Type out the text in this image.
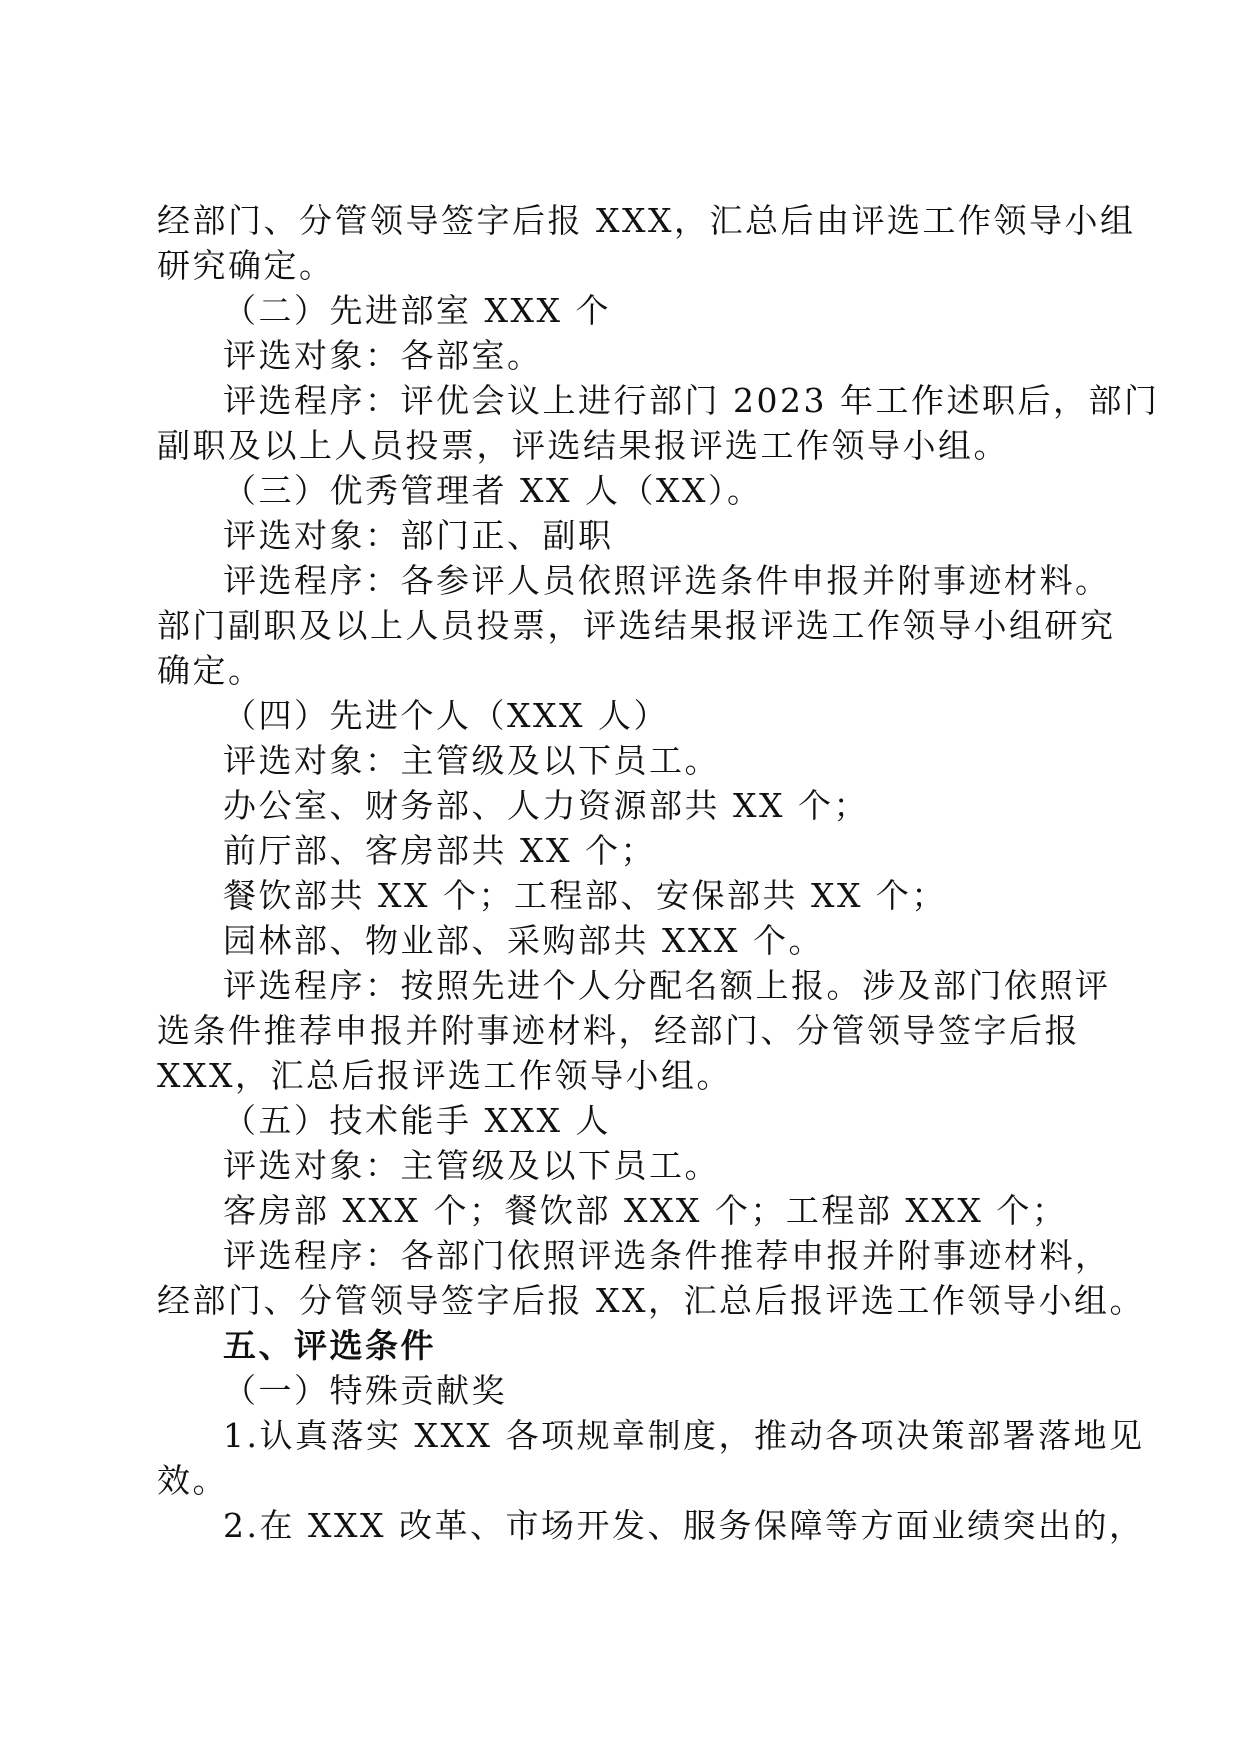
经部门、分管领导签字后报 XXX，汇总后由评选工作领导小组

研究确定。

（二）先进部室 XXX 个

评选对象：各部室。

评选程序：评优会议上进行部门 2023 年工作述职后，部门

副职及以上人员投票，评选结果报评选工作领导小组。

（三）优秀管理者 XX 人（XX）。

评选对象：部门正、副职

评选程序：各参评人员依照评选条件申报并附事迹材料。

部门副职及以上人员投票，评选结果报评选工作领导小组研究

确定。

（四）先进个人（XXX 人）

评选对象：主管级及以下员工。

办公室、财务部、人力资源部共 XX 个；

前厅部、客房部共 XX 个；

餐饮部共 XX 个；工程部、安保部共 XX 个；

园林部、物业部、采购部共 XXX 个。

评选程序：按照先进个人分配名额上报。涉及部门依照评

选条件推荐申报并附事迹材料，经部门、分管领导签字后报

XXX，汇总后报评选工作领导小组。

（五）技术能手 XXX 人

评选对象：主管级及以下员工。

客房部 XXX 个；餐饮部 XXX 个；工程部 XXX 个；

评选程序：各部门依照评选条件推荐申报并附事迹材料，

经部门、分管领导签字后报 XX，汇总后报评选工作领导小组。

五、评选条件

（一）特殊贡献奖

1.认真落实 XXX 各项规章制度，推动各项决策部署落地见

效。

2.在 XXX 改革、市场开发、服务保障等方面业绩突出的，
